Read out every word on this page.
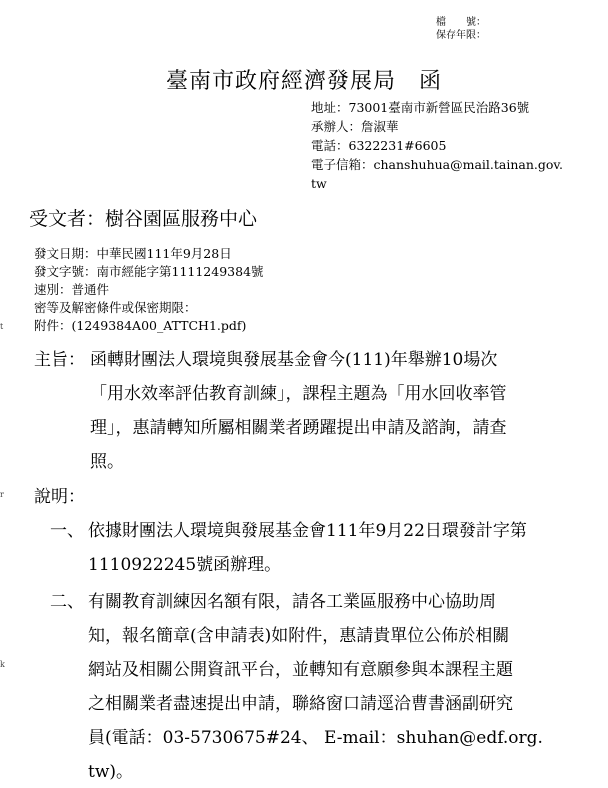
檔　　號：
保存年限：
臺南市政府經濟發展局　函
地址：73001臺南市新營區民治路36號
承辦人：詹淑華
電話：6322231#6605
電子信箱：chanshuhua@mail.tainan.gov.
tw
受文者：樹谷園區服務中心
發文日期：中華民國111年9月28日
發文字號：南市經能字第1111249384號
速別：普通件
密等及解密條件或保密期限：
附件：(1249384A00_ATTCH1.pdf)
t
r
k
主旨： 函轉財團法人環境與發展基金會今(111)年舉辦10場次
「用水效率評估教育訓練」，課程主題為「用水回收率管
理」，惠請轉知所屬相關業者踴躍提出申請及諮詢，請查
照。
說明：
一、 依據財團法人環境與發展基金會111年9月22日環發計字第
1110922245號函辦理。
二、 有關教育訓練因名額有限，請各工業區服務中心協助周
知，報名簡章(含申請表)如附件，惠請貴單位公佈於相關
網站及相關公開資訊平台，並轉知有意願參與本課程主題
之相關業者盡速提出申請，聯絡窗口請逕洽曹書涵副研究
員(電話：03-5730675#24、 E-mail：shuhan@edf.org.
tw)。
